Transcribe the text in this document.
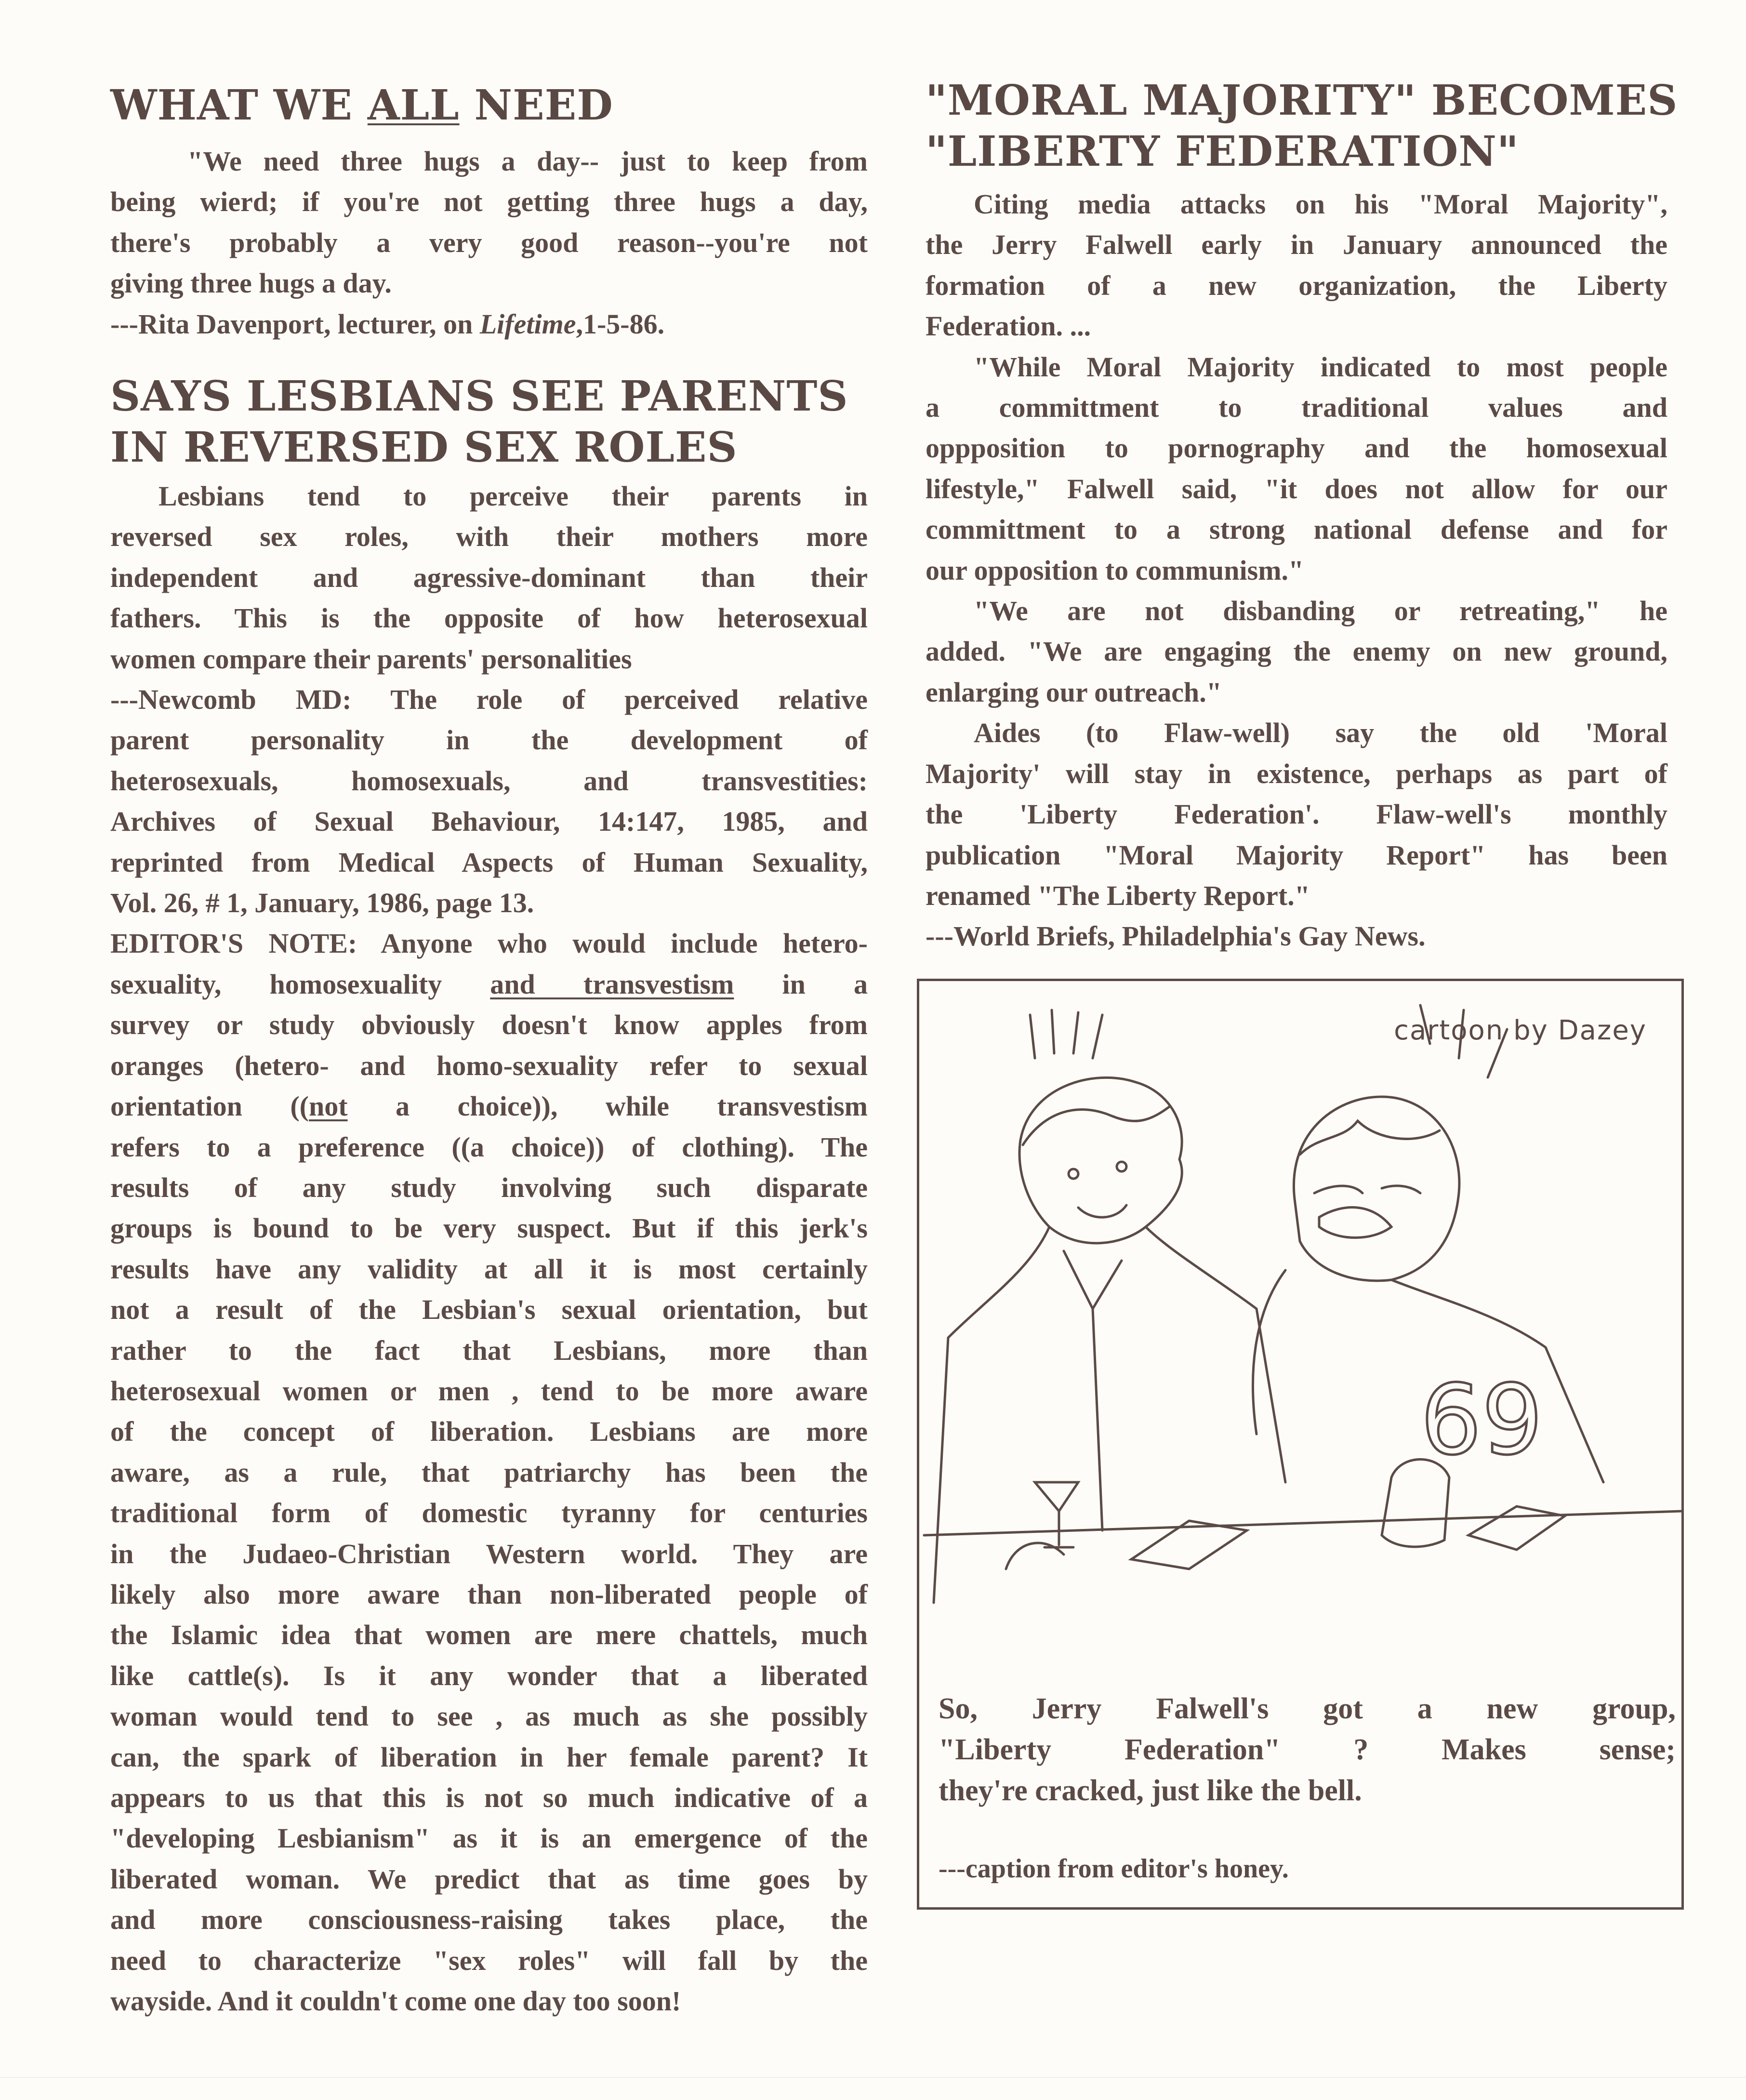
WHAT WE ALL NEED
"We need three hugs a day-- just to keep from
being wierd; if you're not getting three hugs a day,
there's probably a very good reason--you're not
giving three hugs a day.
---Rita Davenport, lecturer, on Lifetime,1-5-86.
SAYS LESBIANS SEE PARENTS
IN REVERSED SEX ROLES
Lesbians tend to perceive their parents in
reversed sex roles, with their mothers more
independent and agressive-dominant than their
fathers. This is the opposite of how heterosexual
women compare their parents' personalities
---Newcomb MD: The role of perceived relative
parent personality in the development of
heterosexuals, homosexuals, and transvestities:
Archives of Sexual Behaviour, 14:147, 1985, and
reprinted from Medical Aspects of Human Sexuality,
Vol. 26, # 1, January, 1986, page 13.
EDITOR'S NOTE: Anyone who would include hetero-
sexuality, homosexuality and transvestism in a
survey or study obviously doesn't know apples from
oranges (hetero- and homo-sexuality refer to sexual
orientation ((not a choice)), while transvestism
refers to a preference ((a choice)) of clothing). The
results of any study involving such disparate
groups is bound to be very suspect. But if this jerk's
results have any validity at all it is most certainly
not a result of the Lesbian's sexual orientation, but
rather to the fact that Lesbians, more than
heterosexual women or men , tend to be more aware
of the concept of liberation. Lesbians are more
aware, as a rule, that patriarchy has been the
traditional form of domestic tyranny for centuries
in the Judaeo-Christian Western world. They are
likely also more aware than non-liberated people of
the Islamic idea that women are mere chattels, much
like cattle(s). Is it any wonder that a liberated
woman would tend to see , as much as she possibly
can, the spark of liberation in her female parent? It
appears to us that this is not so much indicative of a
"developing Lesbianism" as it is an emergence of the
liberated woman. We predict that as time goes by
and more consciousness-raising takes place, the
need to characterize "sex roles" will fall by the
wayside. And it couldn't come one day too soon!
"MORAL MAJORITY" BECOMES
"LIBERTY FEDERATION"
Citing media attacks on his "Moral Majority",
the Jerry Falwell early in January announced the
formation of a new organization, the Liberty
Federation. ...
"While Moral Majority indicated to most people
a committment to traditional values and
oppposition to pornography and the homosexual
lifestyle," Falwell said, "it does not allow for our
committment to a strong national defense and for
our opposition to communism."
"We are not disbanding or retreating," he
added. "We are engaging the enemy on new ground,
enlarging our outreach."
Aides (to Flaw-well) say the old 'Moral
Majority' will stay in existence, perhaps as part of
the 'Liberty Federation'. Flaw-well's monthly
publication "Moral Majority Report" has been
renamed "The Liberty Report."
---World Briefs, Philadelphia's Gay News.
cartoon by Dazey
69
So, Jerry Falwell's got a new group,
"Liberty Federation" ? Makes sense;
they're cracked, just like the bell.
---caption from editor's honey.
